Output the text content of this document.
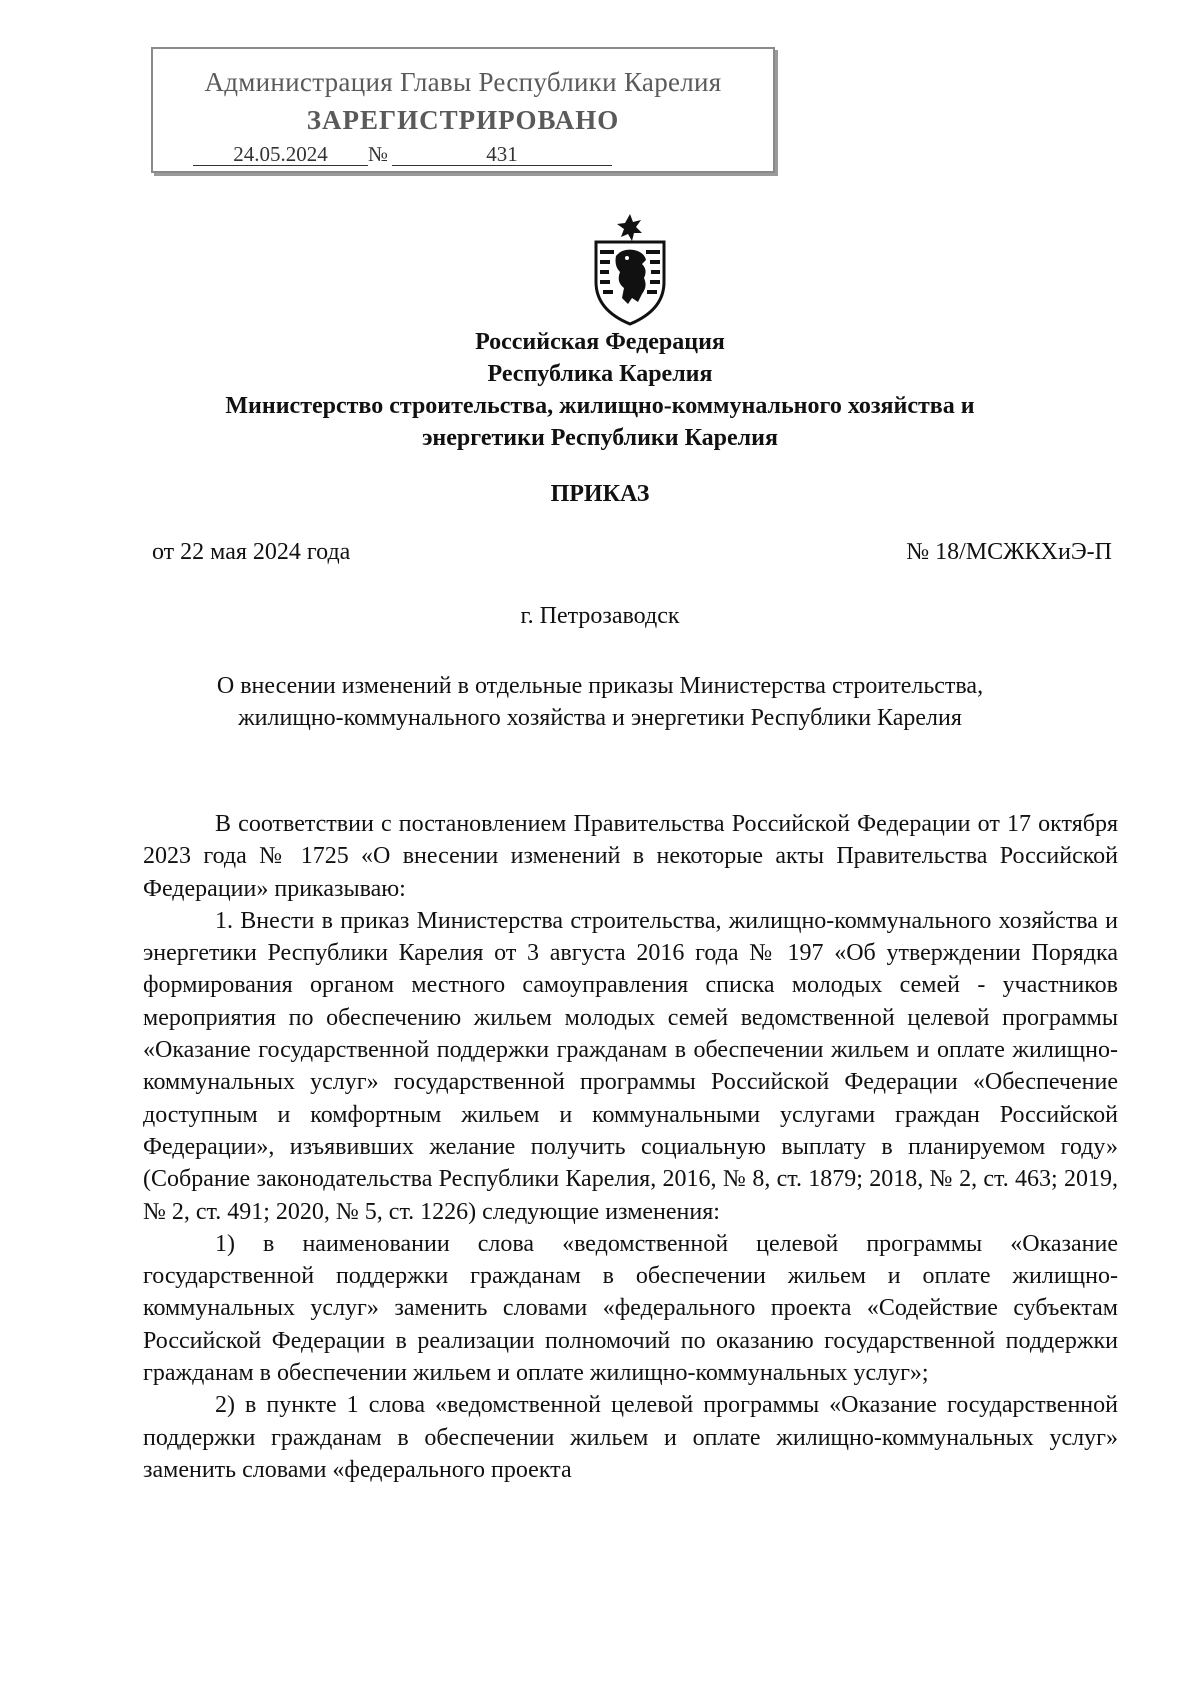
Администрация Главы Республики Карелия
ЗАРЕГИСТРИРОВАНО
24.05.2024 №	431
Российская Федерация
Республика Карелия
Министерство строительства, жилищно-коммунального хозяйства и
энергетики Республики Карелия
ПРИКАЗ
от 22 мая 2024 года	№ 18/МСЖКХиЭ-П
г. Петрозаводск
О внесении изменений в отдельные приказы Министерства строительства,
жилищно-коммунального хозяйства и энергетики Республики Карелия

В соответствии с постановлением Правительства Российской Федерации от 17 октября 2023 года № 1725 «О внесении изменений в некоторые акты Правительства Российской Федерации» приказываю:

1. Внести в приказ Министерства строительства, жилищно-коммунального хозяйства и энергетики Республики Карелия от 3 августа 2016 года № 197 «Об утверждении Порядка формирования органом местного самоуправления списка молодых семей - участников мероприятия по обеспечению жильем молодых семей ведомственной целевой программы «Оказание государственной поддержки гражданам в обеспечении жильем и оплате жилищно-коммунальных услуг» государственной программы Российской Федерации «Обеспечение доступным и комфортным жильем и коммунальными услугами граждан Российской Федерации», изъявивших желание получить социальную выплату в планируемом году» (Собрание законодательства Республики Карелия, 2016, № 8, ст. 1879; 2018, № 2, ст. 463; 2019, № 2, ст. 491; 2020, № 5, ст. 1226) следующие изменения:

1) в наименовании слова «ведомственной целевой программы «Оказание государственной поддержки гражданам в обеспечении жильем и оплате жилищно-коммунальных услуг» заменить словами «федерального проекта «Содействие субъектам Российской Федерации в реализации полномочий по оказанию государственной поддержки гражданам в обеспечении жильем и оплате жилищно-коммунальных услуг»;

2) в пункте 1 слова «ведомственной целевой программы «Оказание государственной поддержки гражданам в обеспечении жильем и оплате жилищно-коммунальных услуг» заменить словами «федерального проекта
